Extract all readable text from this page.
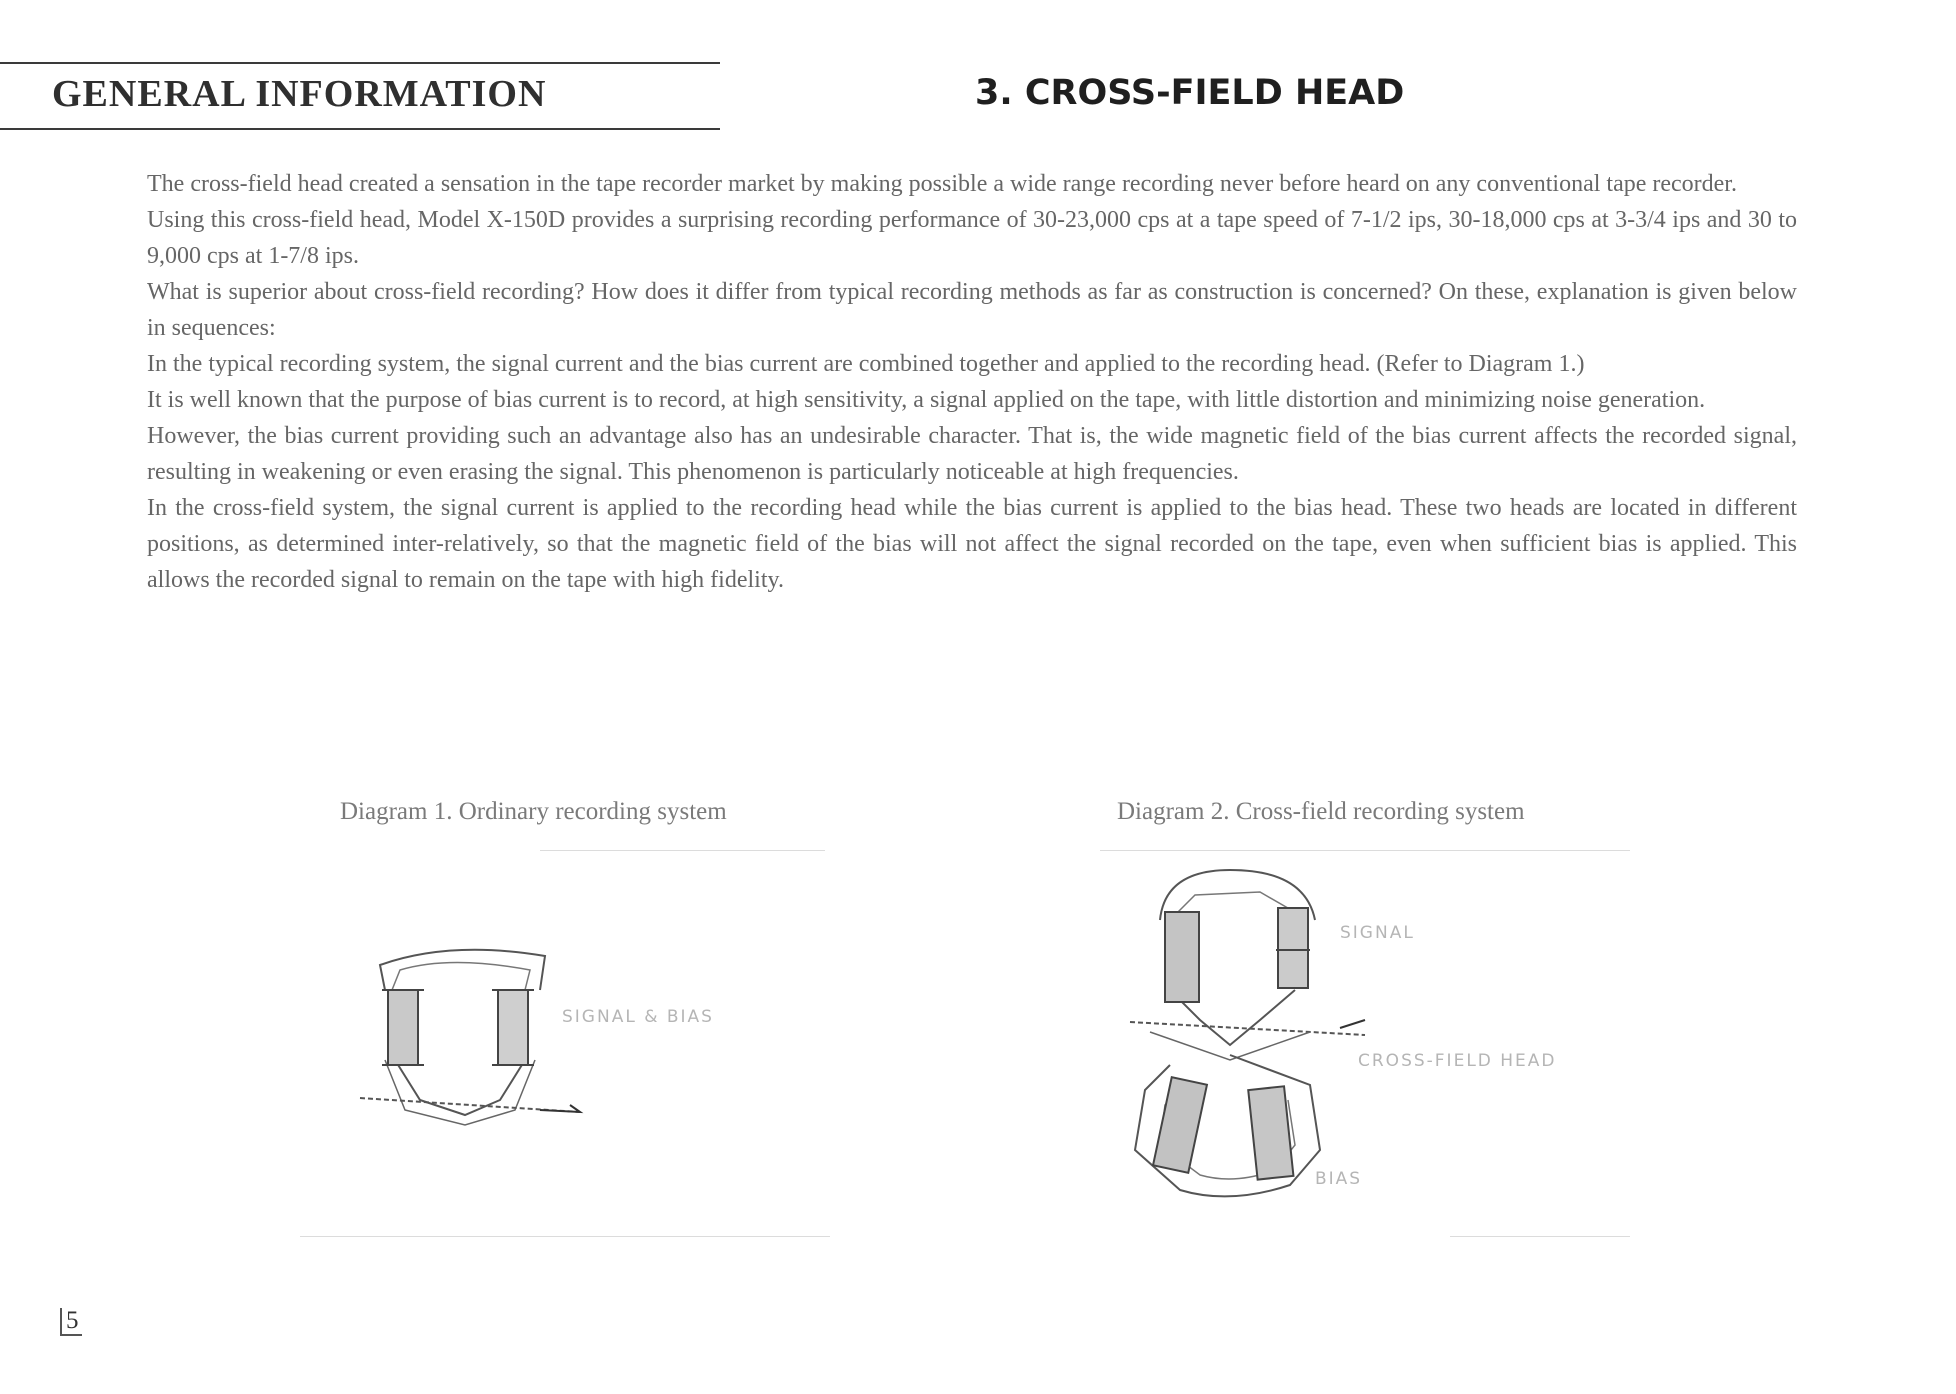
GENERAL INFORMATION	3. CROSS-FIELD HEAD

The cross-field head created a sensation in the tape recorder market by making possible a wide range recording never before heard on any conventional tape recorder.

Using this cross-field head, Model X-150D provides a surprising recording performance of 30-23,000 cps at a tape speed of 7-1/2 ips, 30-18,000 cps at 3-3/4 ips and 30 to 9,000 cps at 1-7/8 ips.

What is superior about cross-field recording? How does it differ from typical recording methods as far as construction is concerned? On these, explanation is given below in sequences:

In the typical recording system, the signal current and the bias current are combined together and applied to the recording head. (Refer to Diagram 1.)

It is well known that the purpose of bias current is to record, at high sensitivity, a signal applied on the tape, with little distortion and minimizing noise generation.

However, the bias current providing such an advantage also has an undesirable character. That is, the wide magnetic field of the bias current affects the recorded signal, resulting in weakening or even erasing the signal. This phenomenon is particularly noticeable at high frequencies.

In the cross-field system, the signal current is applied to the recording head while the bias current is applied to the bias head. These two heads are located in different positions, as determined inter-relatively, so that the magnetic field of the bias will not affect the signal recorded on the tape, even when sufficient bias is applied. This allows the recorded signal to remain on the tape with high fidelity.

Diagram 1. Ordinary recording system
SIGNAL & BIAS
Diagram 2. Cross-field recording system
SIGNAL
CROSS-FIELD HEAD
BIAS
5
